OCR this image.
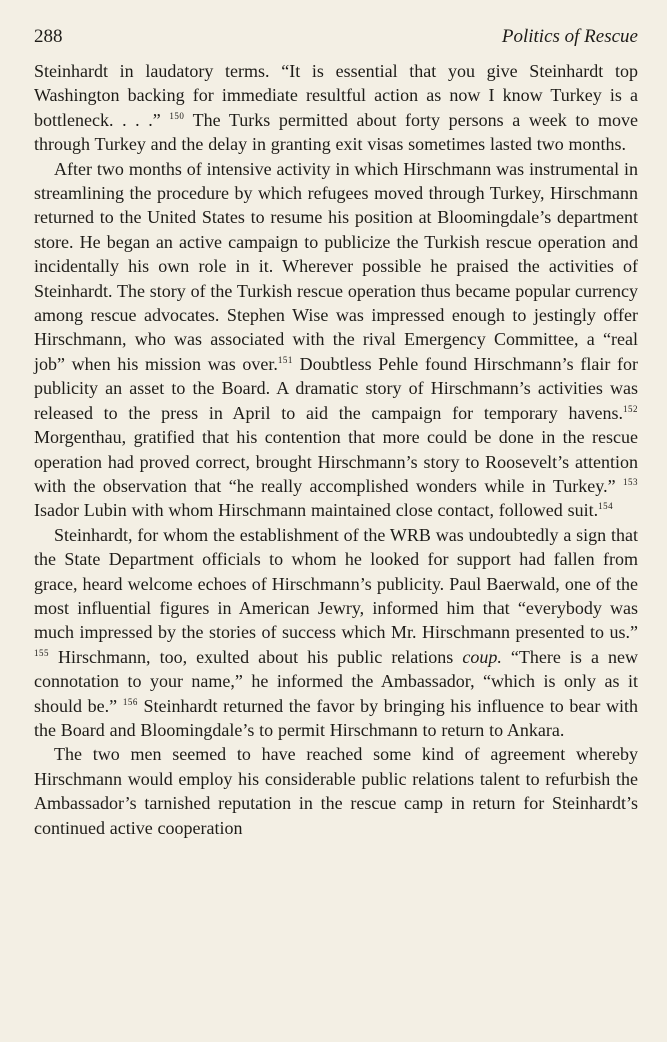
288	Politics of Rescue

Steinhardt in laudatory terms. “It is essential that you give Steinhardt top Washington backing for immediate resultful action as now I know Turkey is a bottleneck. . . .” $^{150}$ The Turks permitted about forty persons a week to move through Turkey and the delay in granting exit visas sometimes lasted two months.

After two months of intensive activity in which Hirschmann was instrumental in streamlining the procedure by which refugees moved through Turkey, Hirschmann returned to the United States to resume his position at Bloomingdale’s department store. He began an active campaign to publicize the Turkish rescue operation and incidentally his own role in it. Wherever possible he praised the activities of Steinhardt. The story of the Turkish rescue operation thus became popular currency among rescue advocates. Stephen Wise was impressed enough to jestingly offer Hirschmann, who was associated with the rival Emergency Committee, a “real job” when his mission was over.$^{151}$ Doubtless Pehle found Hirschmann’s flair for publicity an asset to the Board. A dramatic story of Hirschmann’s activities was released to the press in April to aid the campaign for temporary havens.$^{152}$ Morgenthau, gratified that his contention that more could be done in the rescue operation had proved correct, brought Hirschmann’s story to Roosevelt’s attention with the observation that “he really accomplished wonders while in Turkey.” $^{153}$ Isador Lubin with whom Hirschmann maintained close contact, followed suit.$^{154}$

Steinhardt, for whom the establishment of the WRB was undoubtedly a sign that the State Department officials to whom he looked for support had fallen from grace, heard welcome echoes of Hirschmann’s publicity. Paul Baerwald, one of the most influential figures in American Jewry, informed him that “everybody was much impressed by the stories of success which Mr. Hirschmann presented to us.” $^{155}$ Hirschmann, too, exulted about his public relations coup. “There is a new connotation to your name,” he informed the Ambassador, “which is only as it should be.” $^{156}$ Steinhardt returned the favor by bringing his influence to bear with the Board and Bloomingdale’s to permit Hirschmann to return to Ankara.

The two men seemed to have reached some kind of agreement whereby Hirschmann would employ his considerable public relations talent to refurbish the Ambassador’s tarnished reputation in the rescue camp in return for Steinhardt’s continued active cooperation
